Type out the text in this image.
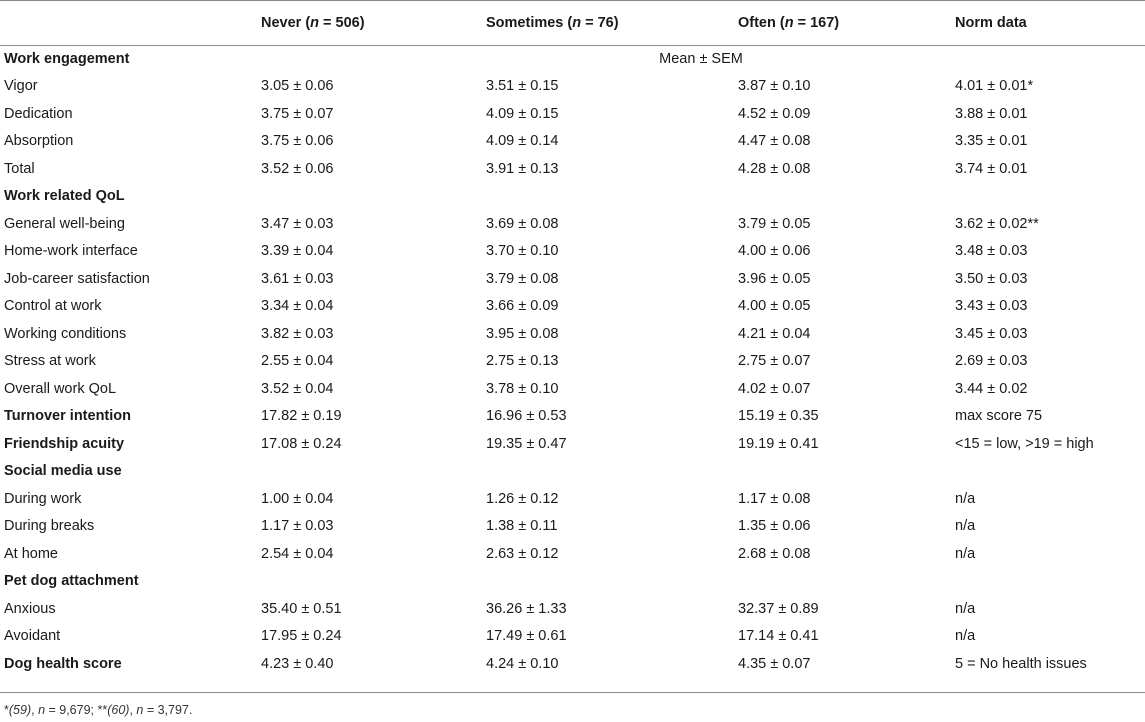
	Never (n = 506)	Sometimes (n = 76)	Often (n = 167)	Norm data
Work engagement	Mean ± SEM			
Vigor	3.05 ± 0.06	3.51 ± 0.15	3.87 ± 0.10	4.01 ± 0.01*
Dedication	3.75 ± 0.07	4.09 ± 0.15	4.52 ± 0.09	3.88 ± 0.01
Absorption	3.75 ± 0.06	4.09 ± 0.14	4.47 ± 0.08	3.35 ± 0.01
Total	3.52 ± 0.06	3.91 ± 0.13	4.28 ± 0.08	3.74 ± 0.01
Work related QoL				
General well-being	3.47 ± 0.03	3.69 ± 0.08	3.79 ± 0.05	3.62 ± 0.02**
Home-work interface	3.39 ± 0.04	3.70 ± 0.10	4.00 ± 0.06	3.48 ± 0.03
Job-career satisfaction	3.61 ± 0.03	3.79 ± 0.08	3.96 ± 0.05	3.50 ± 0.03
Control at work	3.34 ± 0.04	3.66 ± 0.09	4.00 ± 0.05	3.43 ± 0.03
Working conditions	3.82 ± 0.03	3.95 ± 0.08	4.21 ± 0.04	3.45 ± 0.03
Stress at work	2.55 ± 0.04	2.75 ± 0.13	2.75 ± 0.07	2.69 ± 0.03
Overall work QoL	3.52 ± 0.04	3.78 ± 0.10	4.02 ± 0.07	3.44 ± 0.02
Turnover intention	17.82 ± 0.19	16.96 ± 0.53	15.19 ± 0.35	max score 75
Friendship acuity	17.08 ± 0.24	19.35 ± 0.47	19.19 ± 0.41	<15 = low, >19 = high
Social media use				
During work	1.00 ± 0.04	1.26 ± 0.12	1.17 ± 0.08	n/a
During breaks	1.17 ± 0.03	1.38 ± 0.11	1.35 ± 0.06	n/a
At home	2.54 ± 0.04	2.63 ± 0.12	2.68 ± 0.08	n/a
Pet dog attachment				
Anxious	35.40 ± 0.51	36.26 ± 1.33	32.37 ± 0.89	n/a
Avoidant	17.95 ± 0.24	17.49 ± 0.61	17.14 ± 0.41	n/a
Dog health score	4.23 ± 0.40	4.24 ± 0.10	4.35 ± 0.07	5 = No health issues
*(59), n = 9,679; **(60), n = 3,797.
